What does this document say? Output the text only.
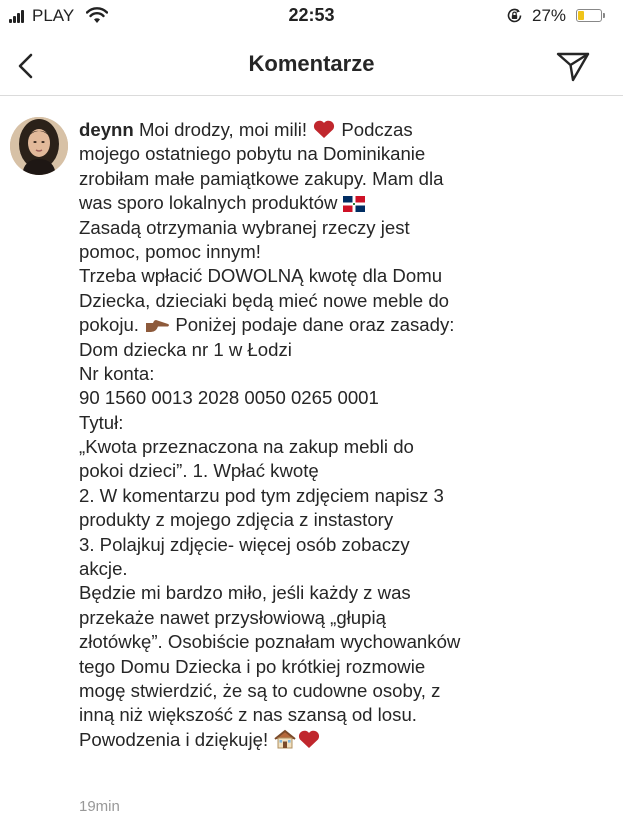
PLAY	22:53	27%
Komentarze
deynn Moi drodzy, moi mili!  Podczas
mojego ostatniego pobytu na Dominikanie
zrobiłam małe pamiątkowe zakupy. Mam dla
was sporo lokalnych produktów
Zasadą otrzymania wybranej rzeczy jest
pomoc, pomoc innym!
Trzeba wpłacić DOWOLNĄ kwotę dla Domu
Dziecka, dzieciaki będą mieć nowe meble do
pokoju. Poniżej podaje dane oraz zasady:
Dom dziecka nr 1 w Łodzi
Nr konta:
90 1560 0013 2028 0050 0265 0001
Tytuł:
„Kwota przeznaczona na zakup mebli do
pokoi dzieci”. 1. Wpłać kwotę
2. W komentarzu pod tym zdjęciem napisz 3
produkty z mojego zdjęcia z instastory
3. Polajkuj zdjęcie- więcej osób zobaczy
akcje.
Będzie mi bardzo miło, jeśli każdy z was
przekaże nawet przysłowiową „głupią
złotówkę”. Osobiście poznałam wychowanków
tego Domu Dziecka i po krótkiej rozmowie
mogę stwierdzić, że są to cudowne osoby, z
inną niż większość z nas szansą od losu.
Powodzenia i dziękuję!
19min
